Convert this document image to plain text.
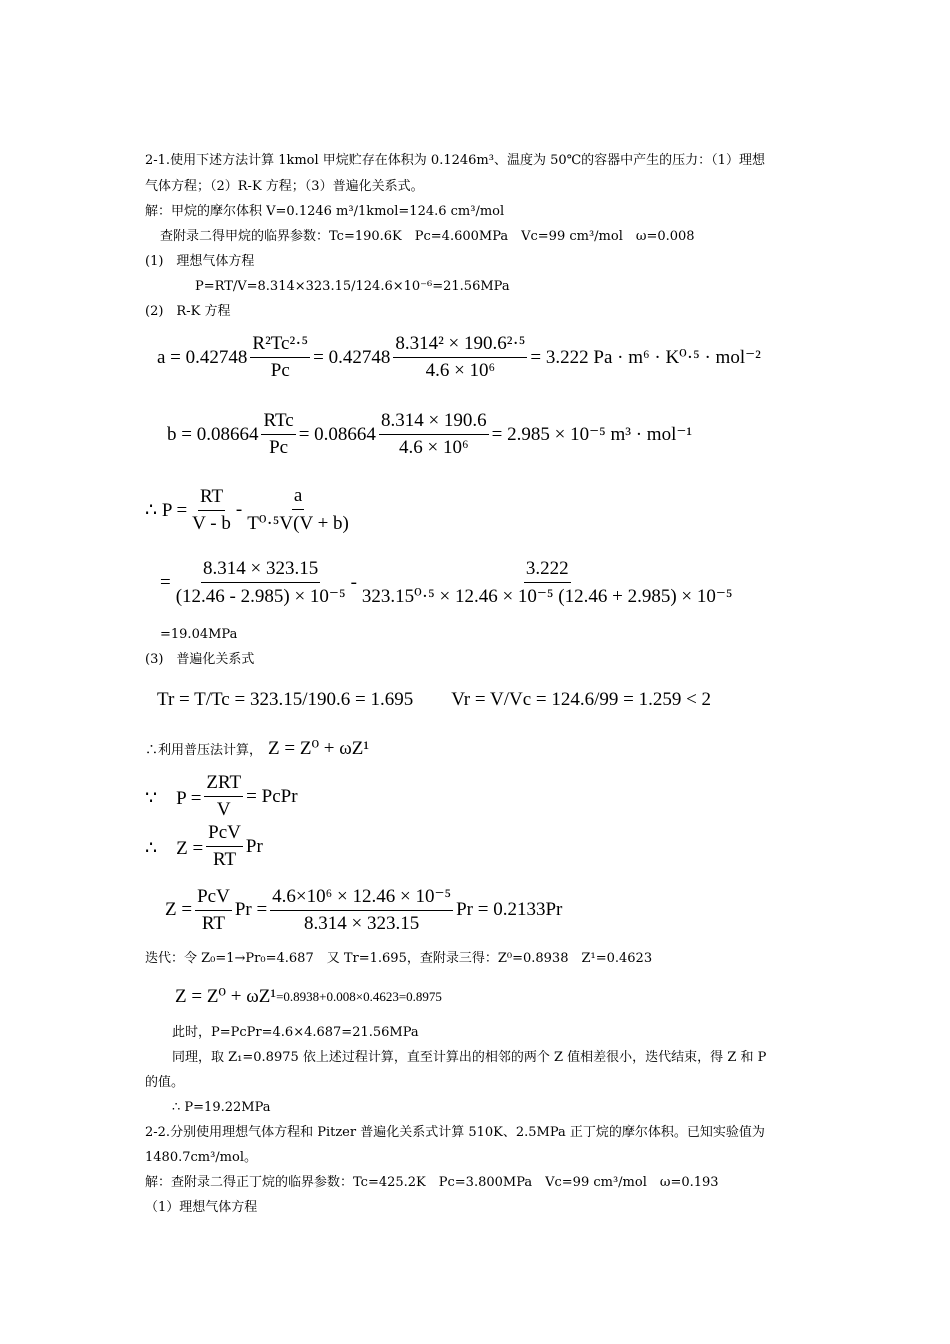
2-1.使用下述方法计算 1kmol 甲烷贮存在体积为 0.1246m³、温度为 50℃的容器中产生的压力：（1）理想
气体方程；（2）R-K 方程；（3）普遍化关系式。
解：甲烷的摩尔体积 V=0.1246 m³/1kmol=124.6 cm³/mol
查附录二得甲烷的临界参数：Tc=190.6K　Pc=4.600MPa　Vc=99 cm³/mol　ω=0.008
(1)　理想气体方程
P=RT/V=8.314×323.15/124.6×10⁻⁶=21.56MPa
(2)　R-K 方程
$a = 0.42748 \frac{\text{R²Tc²·⁵}}{Pc} = 0.42748 \frac{\text{8.314² × 190.6²·⁵}}{\text{4.6 × 10⁶}} = 3.222$ Pa · m⁶ · K⁰·⁵ · mol⁻²
$b = 0.08664 \frac{\text{RTc}}{Pc} = 0.08664 \frac{8.314 \times 190.6}{\text{4.6 × 10⁶}} = 2.985 \times 10^{-5}$ m³ · mol⁻¹
∴ $P = \frac{RT}{V - b} - \frac{a}{\text{T⁰·⁵V(V + b)}}$
= $\frac{8.314 \times 323.15}{\text{(12.46 - 2.985) × 10⁻⁵}} - \frac{3.222}{\text{323.15⁰·⁵ × 12.46 × 10⁻⁵ (12.46 + 2.985) × 10⁻⁵}}$
=19.04MPa
(3)　普遍化关系式
Tr = T/Tc = 323.15/190.6 = 1.695　　Vr = V/Vc = 124.6/99 = 1.259 < 2
∴利用普压法计算， Z = Z⁰ + ωZ¹
∵　$P = \frac{\text{ZRT}}{V}$ = PcPr
∴　$Z = \frac{\text{PcV}}{RT}$ Pr
$Z = \frac{\text{PcV}}{RT}$ $Pr = \frac{\text{4.6×10⁶ × 12.46 × 10⁻⁵}}{8.314 \times 323.15}$ Pr = 0.2133Pr
迭代：令 Z₀=1→Pr₀=4.687　又 Tr=1.695，查附录三得：Z⁰=0.8938　Z¹=0.4623
Z = Z⁰ + ωZ¹ =0.8938+0.008×0.4623=0.8975
此时，P=PcPr=4.6×4.687=21.56MPa
同理，取 Z₁=0.8975 依上述过程计算，直至计算出的相邻的两个 Z 值相差很小，迭代结束，得 Z 和 P
的值。
∴ P=19.22MPa
2-2.分别使用理想气体方程和 Pitzer 普遍化关系式计算 510K、2.5MPa 正丁烷的摩尔体积。已知实验值为
1480.7cm³/mol。
解：查附录二得正丁烷的临界参数：Tc=425.2K　Pc=3.800MPa　Vc=99 cm³/mol　ω=0.193
（1）理想气体方程
